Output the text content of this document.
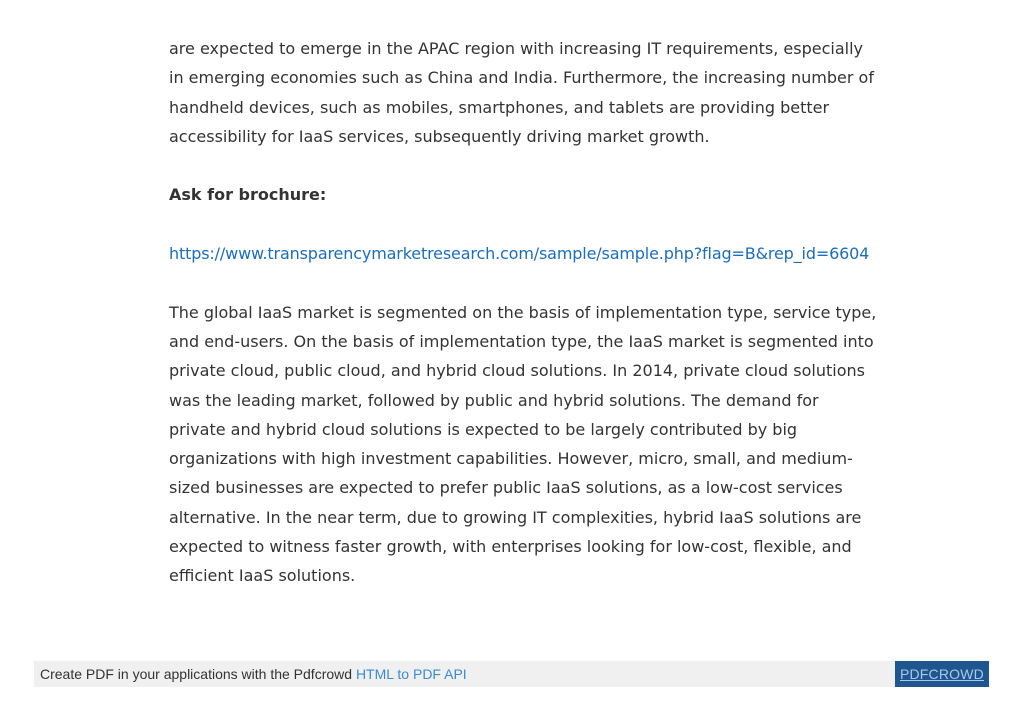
are expected to emerge in the APAC region with increasing IT requirements, especially
in emerging economies such as China and India. Furthermore, the increasing number of
handheld devices, such as mobiles, smartphones, and tablets are providing better
accessibility for IaaS services, subsequently driving market growth.

Ask for brochure:

https://www.transparencymarketresearch.com/sample/sample.php?flag=B&rep_id=6604

The global IaaS market is segmented on the basis of implementation type, service type,
and end-users. On the basis of implementation type, the IaaS market is segmented into
private cloud, public cloud, and hybrid cloud solutions. In 2014, private cloud solutions
was the leading market, followed by public and hybrid solutions. The demand for
private and hybrid cloud solutions is expected to be largely contributed by big
organizations with high investment capabilities. However, micro, small, and medium-
sized businesses are expected to prefer public IaaS solutions, as a low-cost services
alternative. In the near term, due to growing IT complexities, hybrid IaaS solutions are
expected to witness faster growth, with enterprises looking for low-cost, flexible, and
efficient IaaS solutions.

Create PDF in your applications with the Pdfcrowd HTML to PDF API	PDFCROWD
